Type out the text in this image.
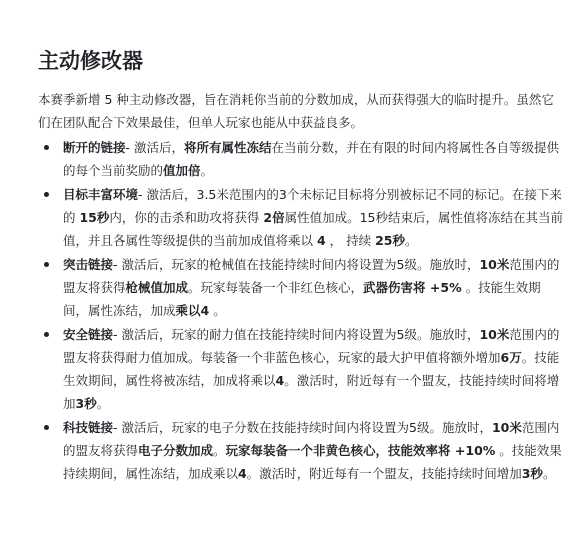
主动修改器

本赛季新增 5 种主动修改器，旨在消耗你当前的分数加成，从而获得强大的临时提升。虽然它们在团队配合下效果最佳，但单人玩家也能从中获益良多。

断开的链接- 激活后，将所有属性冻结在当前分数，并在有限的时间内将属性各自等级提供的每个当前奖励的值加倍。
目标丰富环境- 激活后，3.5米范围内的3个未标记目标将分别被标记不同的标记。在接下来的 15秒内，你的击杀和助攻将获得 2倍属性值加成。15秒结束后，属性值将冻结在其当前值，并且各属性等级提供的当前加成值将乘以 4 ， 持续 25秒。
突击链接- 激活后，玩家的枪械值在技能持续时间内将设置为5级。施放时，10米范围内的盟友将获得枪械值加成。玩家每装备一个非红色核心，武器伤害将 +5% 。技能生效期间，属性冻结，加成乘以4 。
安全链接- 激活后，玩家的耐力值在技能持续时间内将设置为5级。施放时，10米范围内的盟友将获得耐力值加成。每装备一个非蓝色核心，玩家的最大护甲值将额外增加6万。技能生效期间，属性将被冻结，加成将乘以4。激活时，附近每有一个盟友，技能持续时间将增加3秒。
科技链接- 激活后，玩家的电子分数在技能持续时间内将设置为5级。施放时，10米范围内的盟友将获得电子分数加成。玩家每装备一个非黄色核心，技能效率将 +10% 。技能效果持续期间，属性冻结，加成乘以4。激活时，附近每有一个盟友，技能持续时间增加3秒。
